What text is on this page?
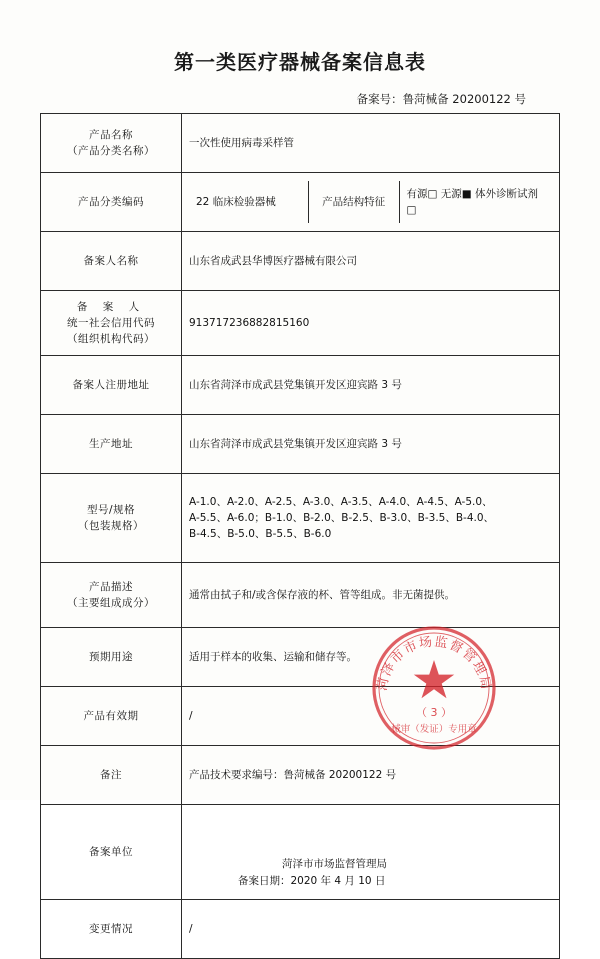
第一类医疗器械备案信息表
备案号：鲁菏械备 20200122 号
产品名称
（产品分类名称）	一次性使用病毒采样管

产品分类编码	22 临床检验器械 产品结构特征
有源□ 无源■ 体外诊断试剂□

备案人名称	山东省成武县华博医疗器械有限公司

备 案 人
统一社会信用代码
（组织机构代码）	913717236882815160

备案人注册地址	山东省菏泽市成武县党集镇开发区迎宾路 3 号

生产地址	山东省菏泽市成武县党集镇开发区迎宾路 3 号

型号/规格
（包装规格）	A-1.0、A-2.0、A-2.5、A-3.0、A-3.5、A-4.0、A-4.5、A-5.0、
A-5.5、A-6.0；B-1.0、B-2.0、B-2.5、B-3.0、B-3.5、B-4.0、
B-4.5、B-5.0、B-5.5、B-6.0

产品描述
（主要组成成分）	通常由拭子和/或含保存液的杯、管等组成。非无菌提供。

预期用途	适用于样本的收集、运输和储存等。

产品有效期	/

备注	产品技术要求编号：鲁菏械备 20200122 号

备案单位	菏泽市市场监督管理局
备案日期：2020 年 4 月 10 日

变更情况	/
菏泽市市场监督管理局
（ 3 ）
械审（发证）专用章
